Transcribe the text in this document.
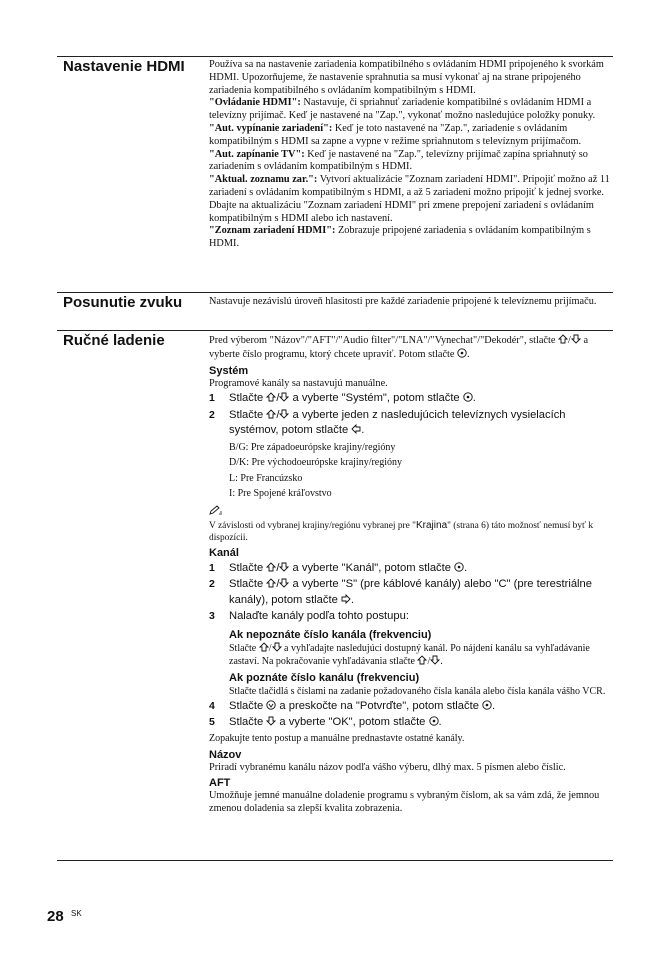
Nastavenie HDMI Používa sa na nastavenie zariadenia kompatibilného s ovládaním HDMI pripojeného k svorkám HDMI. Upozorňujeme, že nastavenie sprahnutia sa musí vykonať aj na strane pripojeného zariadenia kompatibilného s ovládaním kompatibilným s HDMI.

"Ovládanie HDMI": Nastavuje, či spriahnuť zariadenie kompatibilné s ovládaním HDMI a televízny prijímač. Keď je nastavené na "Zap.", vykonať možno nasledujúce položky ponuky.

"Aut. vypínanie zariadení": Keď je toto nastavené na "Zap.", zariadenie s ovládaním kompatibilným s HDMI sa zapne a vypne v režime spriahnutom s televíznym prijímačom.

"Aut. zapínanie TV": Keď je nastavené na "Zap.", televízny prijímač zapína spriahnutý so zariadením s ovládaním kompatibilným s HDMI.

"Aktual. zoznamu zar.": Vytvorí aktualizácie "Zoznam zariadení HDMI". Pripojiť možno až 11 zariadení s ovládaním kompatibilným s HDMI, a až 5 zariadení možno pripojiť k jednej svorke. Dbajte na aktualizáciu "Zoznam zariadení HDMI" pri zmene prepojení zariadení s ovládaním kompatibilným s HDMI alebo ich nastavení.

"Zoznam zariadení HDMI": Zobrazuje pripojené zariadenia s ovládaním kompatibilným s HDMI.

Posunutie zvuku	Nastavuje nezávislú úroveň hlasitosti pre každé zariadenie pripojené k televíznemu prijímaču.

Ručné ladenie	Pred výberom "Názov"/"AFT"/"Audio filter"/"LNA"/"Vynechat"/"Dekodér", stlačte /
a vyberte číslo programu, ktorý chcete upraviť. Potom stlačte .

Systém

Programové kanály sa nastavujú manuálne.

1 Stlačte /
a vyberte "Systém", potom stlačte .
2 Stlačte /
a vyberte jeden z nasledujúcich televíznych vysielacích systémov, potom stlačte .
B/G: Pre západoeurópske krajiny/regióny
D/K: Pre východoeurópske krajiny/regióny
L: Pre Francúzsko
I: Pre Spojené kráľovstvo

V závislosti od vybranej krajiny/regiónu vybranej pre "Krajina" (strana 6) táto možnosť nemusí byť k dispozícii.

Kanál
1 Stlačte /
a vyberte "Kanál", potom stlačte .
2 Stlačte /
a vyberte "S" (pre káblové kanály) alebo "C" (pre terestriálne kanály), potom stlačte .
3 Nalaďte kanály podľa tohto postupu:
Ak nepoznáte číslo kanála (frekvenciu)
Stlačte /
a vyhľadajte nasledujúci dostupný kanál. Po nájdení kanálu sa vyhľadávanie zastaví. Na pokračovanie vyhľadávania stlačte / .
Ak poznáte číslo kanálu (frekvenciu)
Stlačte tlačidlá s číslami na zadanie požadovaného čísla kanála alebo čísla kanála vášho VCR.
4 Stlačte
a preskočte na "Potvrďte", potom stlačte .
5 Stlačte
a vyberte "OK", potom stlačte .

Zopakujte tento postup a manuálne prednastavte ostatné kanály.

Názov

Priradí vybranému kanálu názov podľa vášho výberu, dlhý max. 5 písmen alebo číslic.

AFT

Umožňuje jemné manuálne doladenie programu s vybraným číslom, ak sa vám zdá, že jemnou zmenou doladenia sa zlepší kvalita zobrazenia.

28 SK
